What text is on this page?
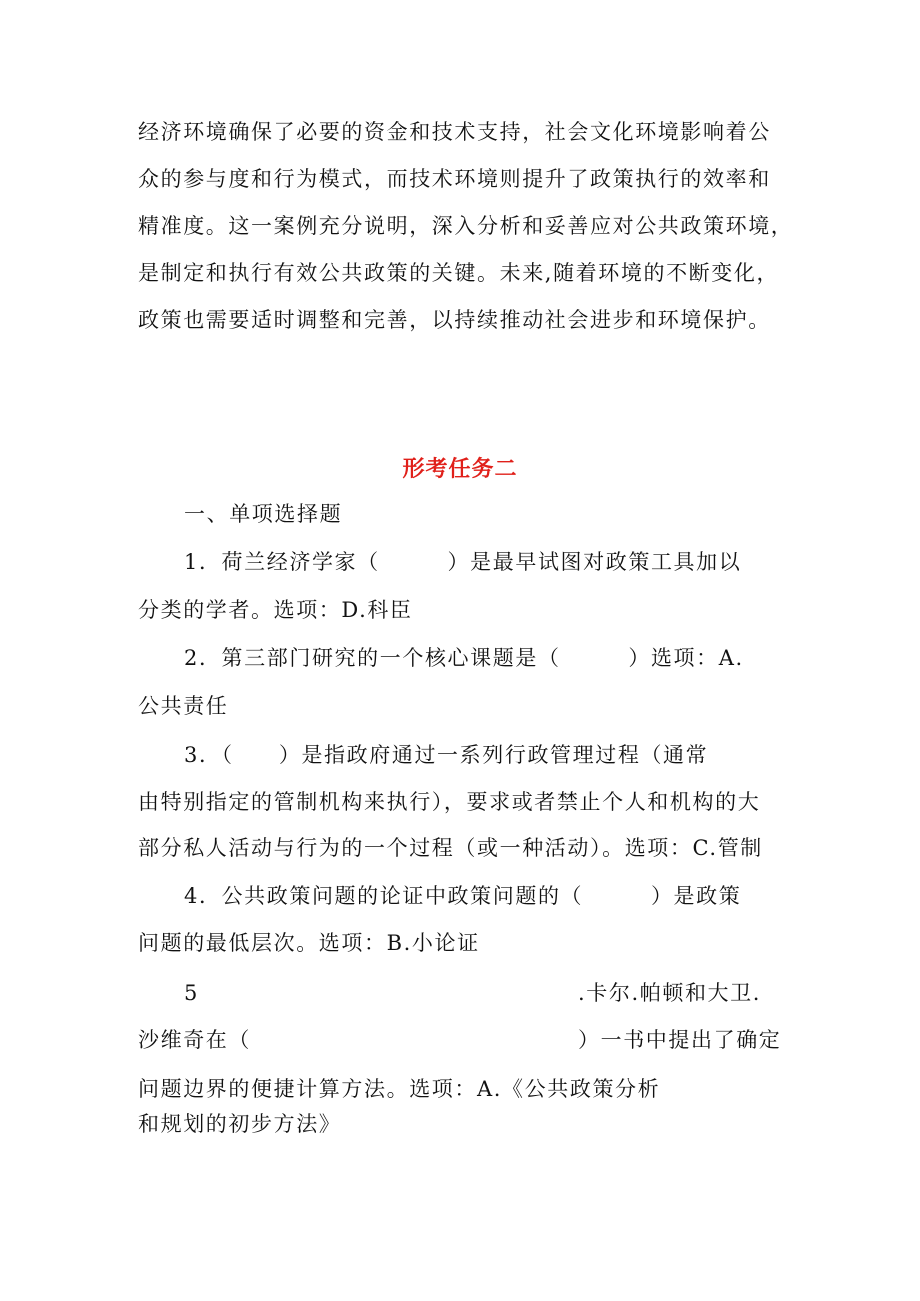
经济环境确保了必要的资金和技术支持，社会文化环境影响着公
众的参与度和行为模式，而技术环境则提升了政策执行的效率和
精准度。这一案例充分说明，深入分析和妥善应对公共政策环境，
是制定和执行有效公共政策的关键。未来,随着环境的不断变化，
政策也需要适时调整和完善，以持续推动社会进步和环境保护。
形考任务二
一、单项选择题
1．荷兰经济学家（　　　）是最早试图对政策工具加以
分类的学者。选项：D.科臣
2．第三部门研究的一个核心课题是（　　　）选项：A.
公共责任
3．（　　）是指政府通过一系列行政管理过程（通常
由特别指定的管制机构来执行），要求或者禁止个人和机构的大
部分私人活动与行为的一个过程（或一种活动）。选项：C.管制
4．公共政策问题的论证中政策问题的（　　　）是政策
问题的最低层次。选项：B.小论证
5	.卡尔.帕顿和大卫.
沙维奇在（	）一书中提出了确定
问题边界的便捷计算方法。选项：A.《公共政策分析
和规划的初步方法》
